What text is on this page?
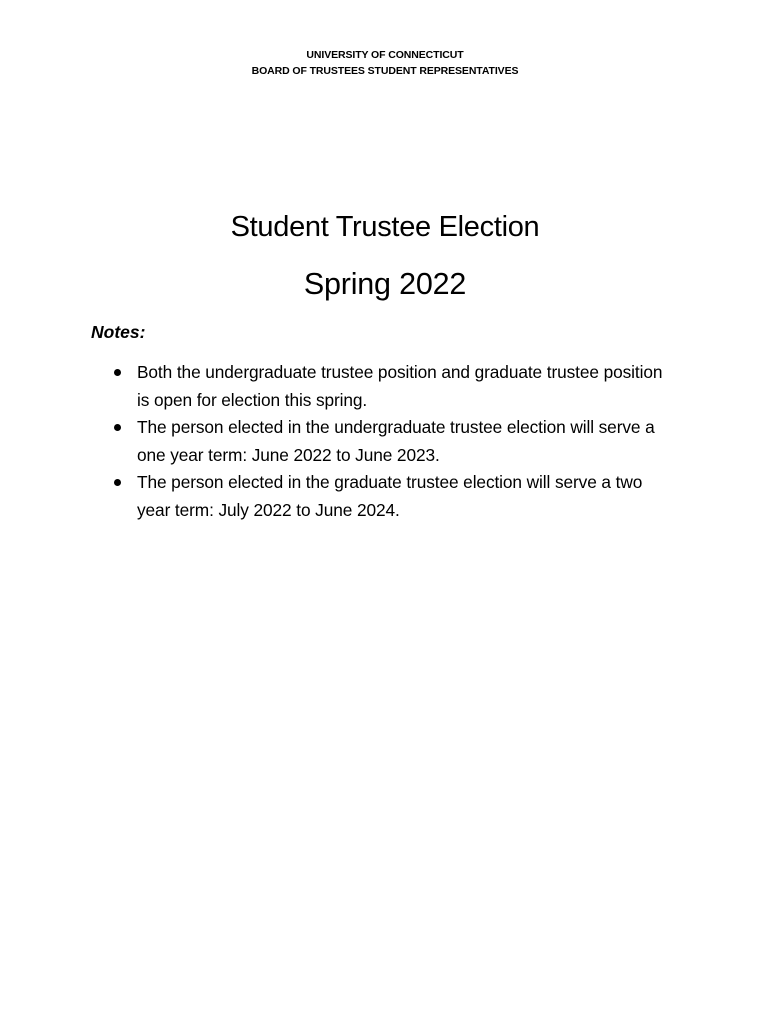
UNIVERSITY OF CONNECTICUT
BOARD OF TRUSTEES STUDENT REPRESENTATIVES
Student Trustee Election
Spring 2022
Notes:
Both the undergraduate trustee position and graduate trustee position is open for election this spring.
The person elected in the undergraduate trustee election will serve a one year term: June 2022 to June 2023.
The person elected in the graduate trustee election will serve a two year term: July 2022 to June 2024.
